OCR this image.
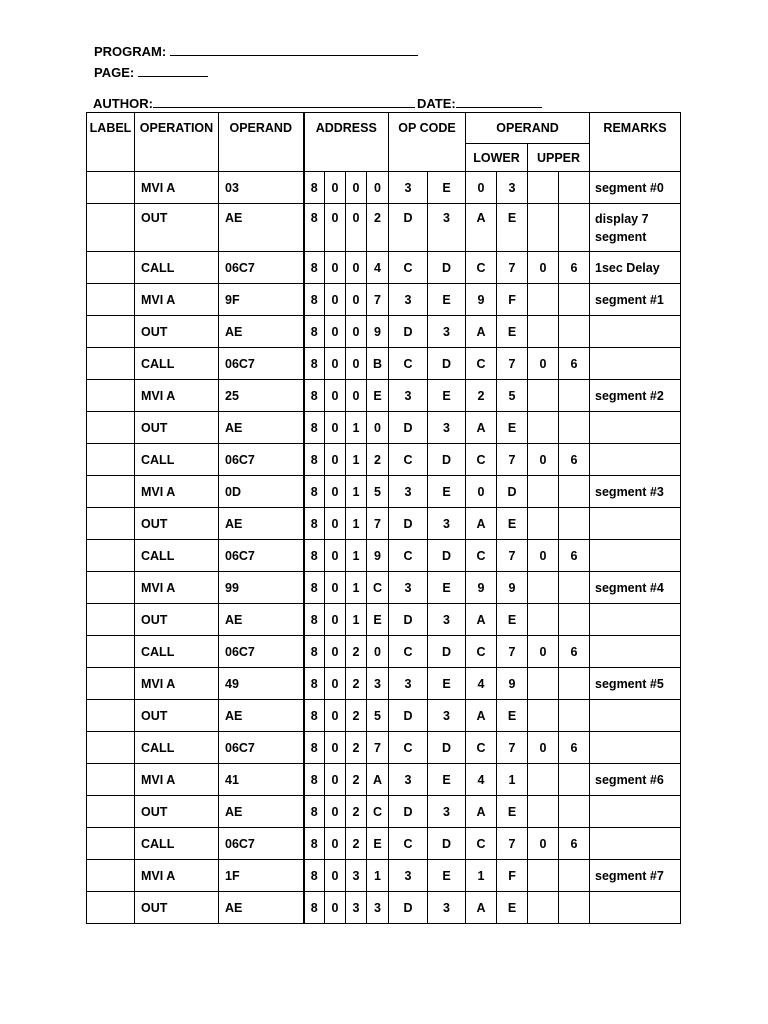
PROGRAM:
PAGE:
AUTHOR:	DATE:
LABEL	OPERATION	OPERAND	ADDRESS				OP CODE		OPERAND				REMARKS
									LOWER		UPPER		
	MVI A	03	8	0	0	0	3	E	0	3			segment #0
	OUT	AE	8	0	0	2	D	3	A	E			display 7 segment
	CALL	06C7	8	0	0	4	C	D	C	7	0	6	1sec Delay
	MVI A	9F	8	0	0	7	3	E	9	F			segment #1
	OUT	AE	8	0	0	9	D	3	A	E			
	CALL	06C7	8	0	0	B	C	D	C	7	0	6	
	MVI A	25	8	0	0	E	3	E	2	5			segment #2
	OUT	AE	8	0	1	0	D	3	A	E			
	CALL	06C7	8	0	1	2	C	D	C	7	0	6	
	MVI A	0D	8	0	1	5	3	E	0	D			segment #3
	OUT	AE	8	0	1	7	D	3	A	E			
	CALL	06C7	8	0	1	9	C	D	C	7	0	6	
	MVI A	99	8	0	1	C	3	E	9	9			segment #4
	OUT	AE	8	0	1	E	D	3	A	E			
	CALL	06C7	8	0	2	0	C	D	C	7	0	6	
	MVI A	49	8	0	2	3	3	E	4	9			segment #5
	OUT	AE	8	0	2	5	D	3	A	E			
	CALL	06C7	8	0	2	7	C	D	C	7	0	6	
	MVI A	41	8	0	2	A	3	E	4	1			segment #6
	OUT	AE	8	0	2	C	D	3	A	E			
	CALL	06C7	8	0	2	E	C	D	C	7	0	6	
	MVI A	1F	8	0	3	1	3	E	1	F			segment #7
	OUT	AE	8	0	3	3	D	3	A	E			
